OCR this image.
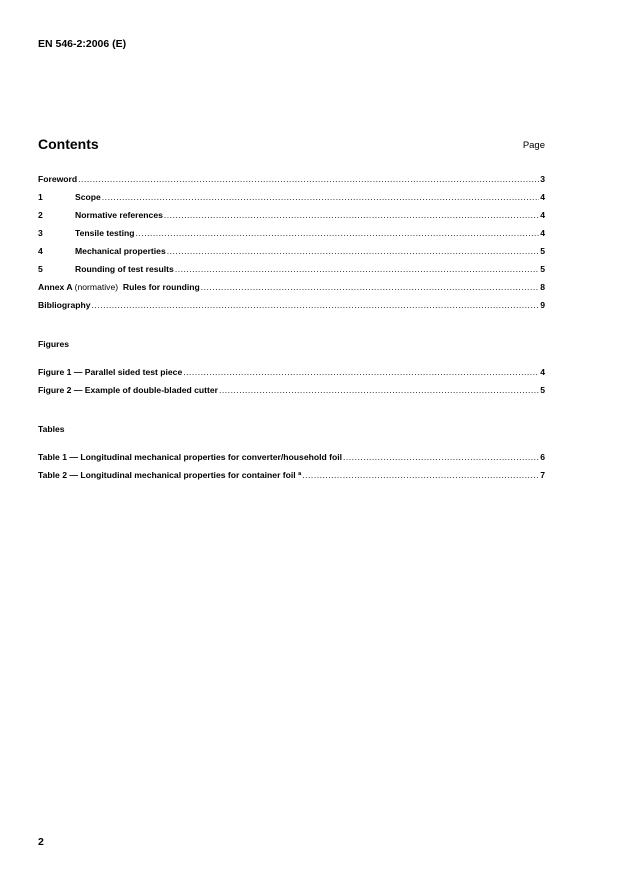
EN 546-2:2006 (E)
Contents	Page
Foreword .....	3
1	Scope .....	4
2	Normative references .....	4
3	Tensile testing .....	4
4	Mechanical properties .....	5
5	Rounding of test results .....	5
Annex A (normative) Rules for rounding .....	8
Bibliography .....	9
Figures
Figure 1 — Parallel sided test piece .....	4
Figure 2 — Example of double-bladed cutter .....	5
Tables
Table 1 — Longitudinal mechanical properties for converter/household foil .....	6
Table 2 — Longitudinal mechanical properties for container foil ª .....	7
2
